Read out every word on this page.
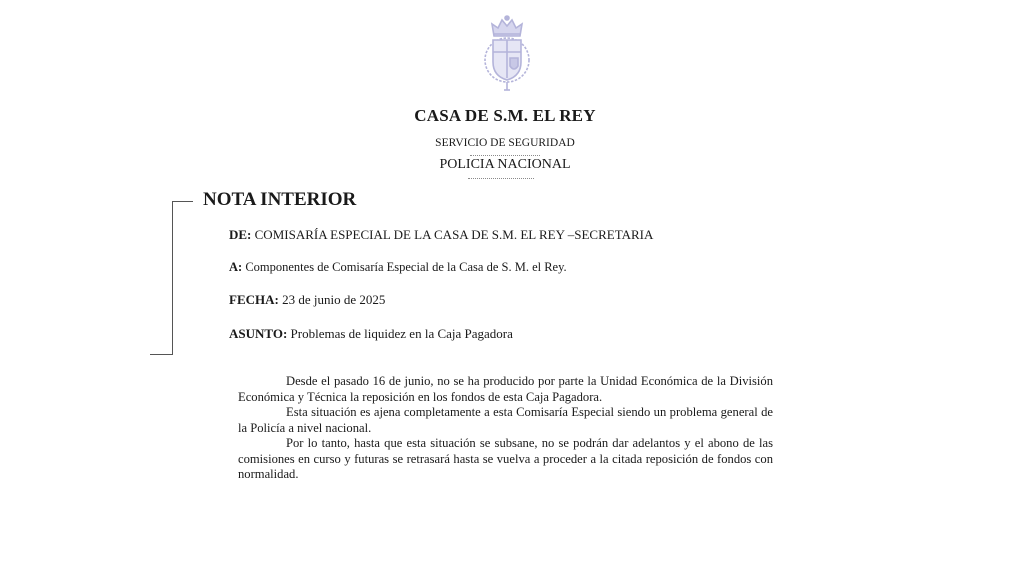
CASA DE S.M. EL REY
SERVICIO DE SEGURIDAD
POLICIA NACIONAL
NOTA INTERIOR
DE: COMISARÍA ESPECIAL DE LA CASA DE S.M. EL REY –SECRETARIA
A: Componentes de Comisaría Especial de la Casa de S. M. el Rey.
FECHA: 23 de junio de 2025
ASUNTO: Problemas de liquidez en la Caja Pagadora

Desde el pasado 16 de junio, no se ha producido por parte la Unidad Económica de la División Económica y Técnica la reposición en los fondos de esta Caja Pagadora.

Esta situación es ajena completamente a esta Comisaría Especial siendo un problema general de la Policía a nivel nacional.

Por lo tanto, hasta que esta situación se subsane, no se podrán dar adelantos y el abono de las comisiones en curso y futuras se retrasará hasta se vuelva a proceder a la citada reposición de fondos con normalidad.
